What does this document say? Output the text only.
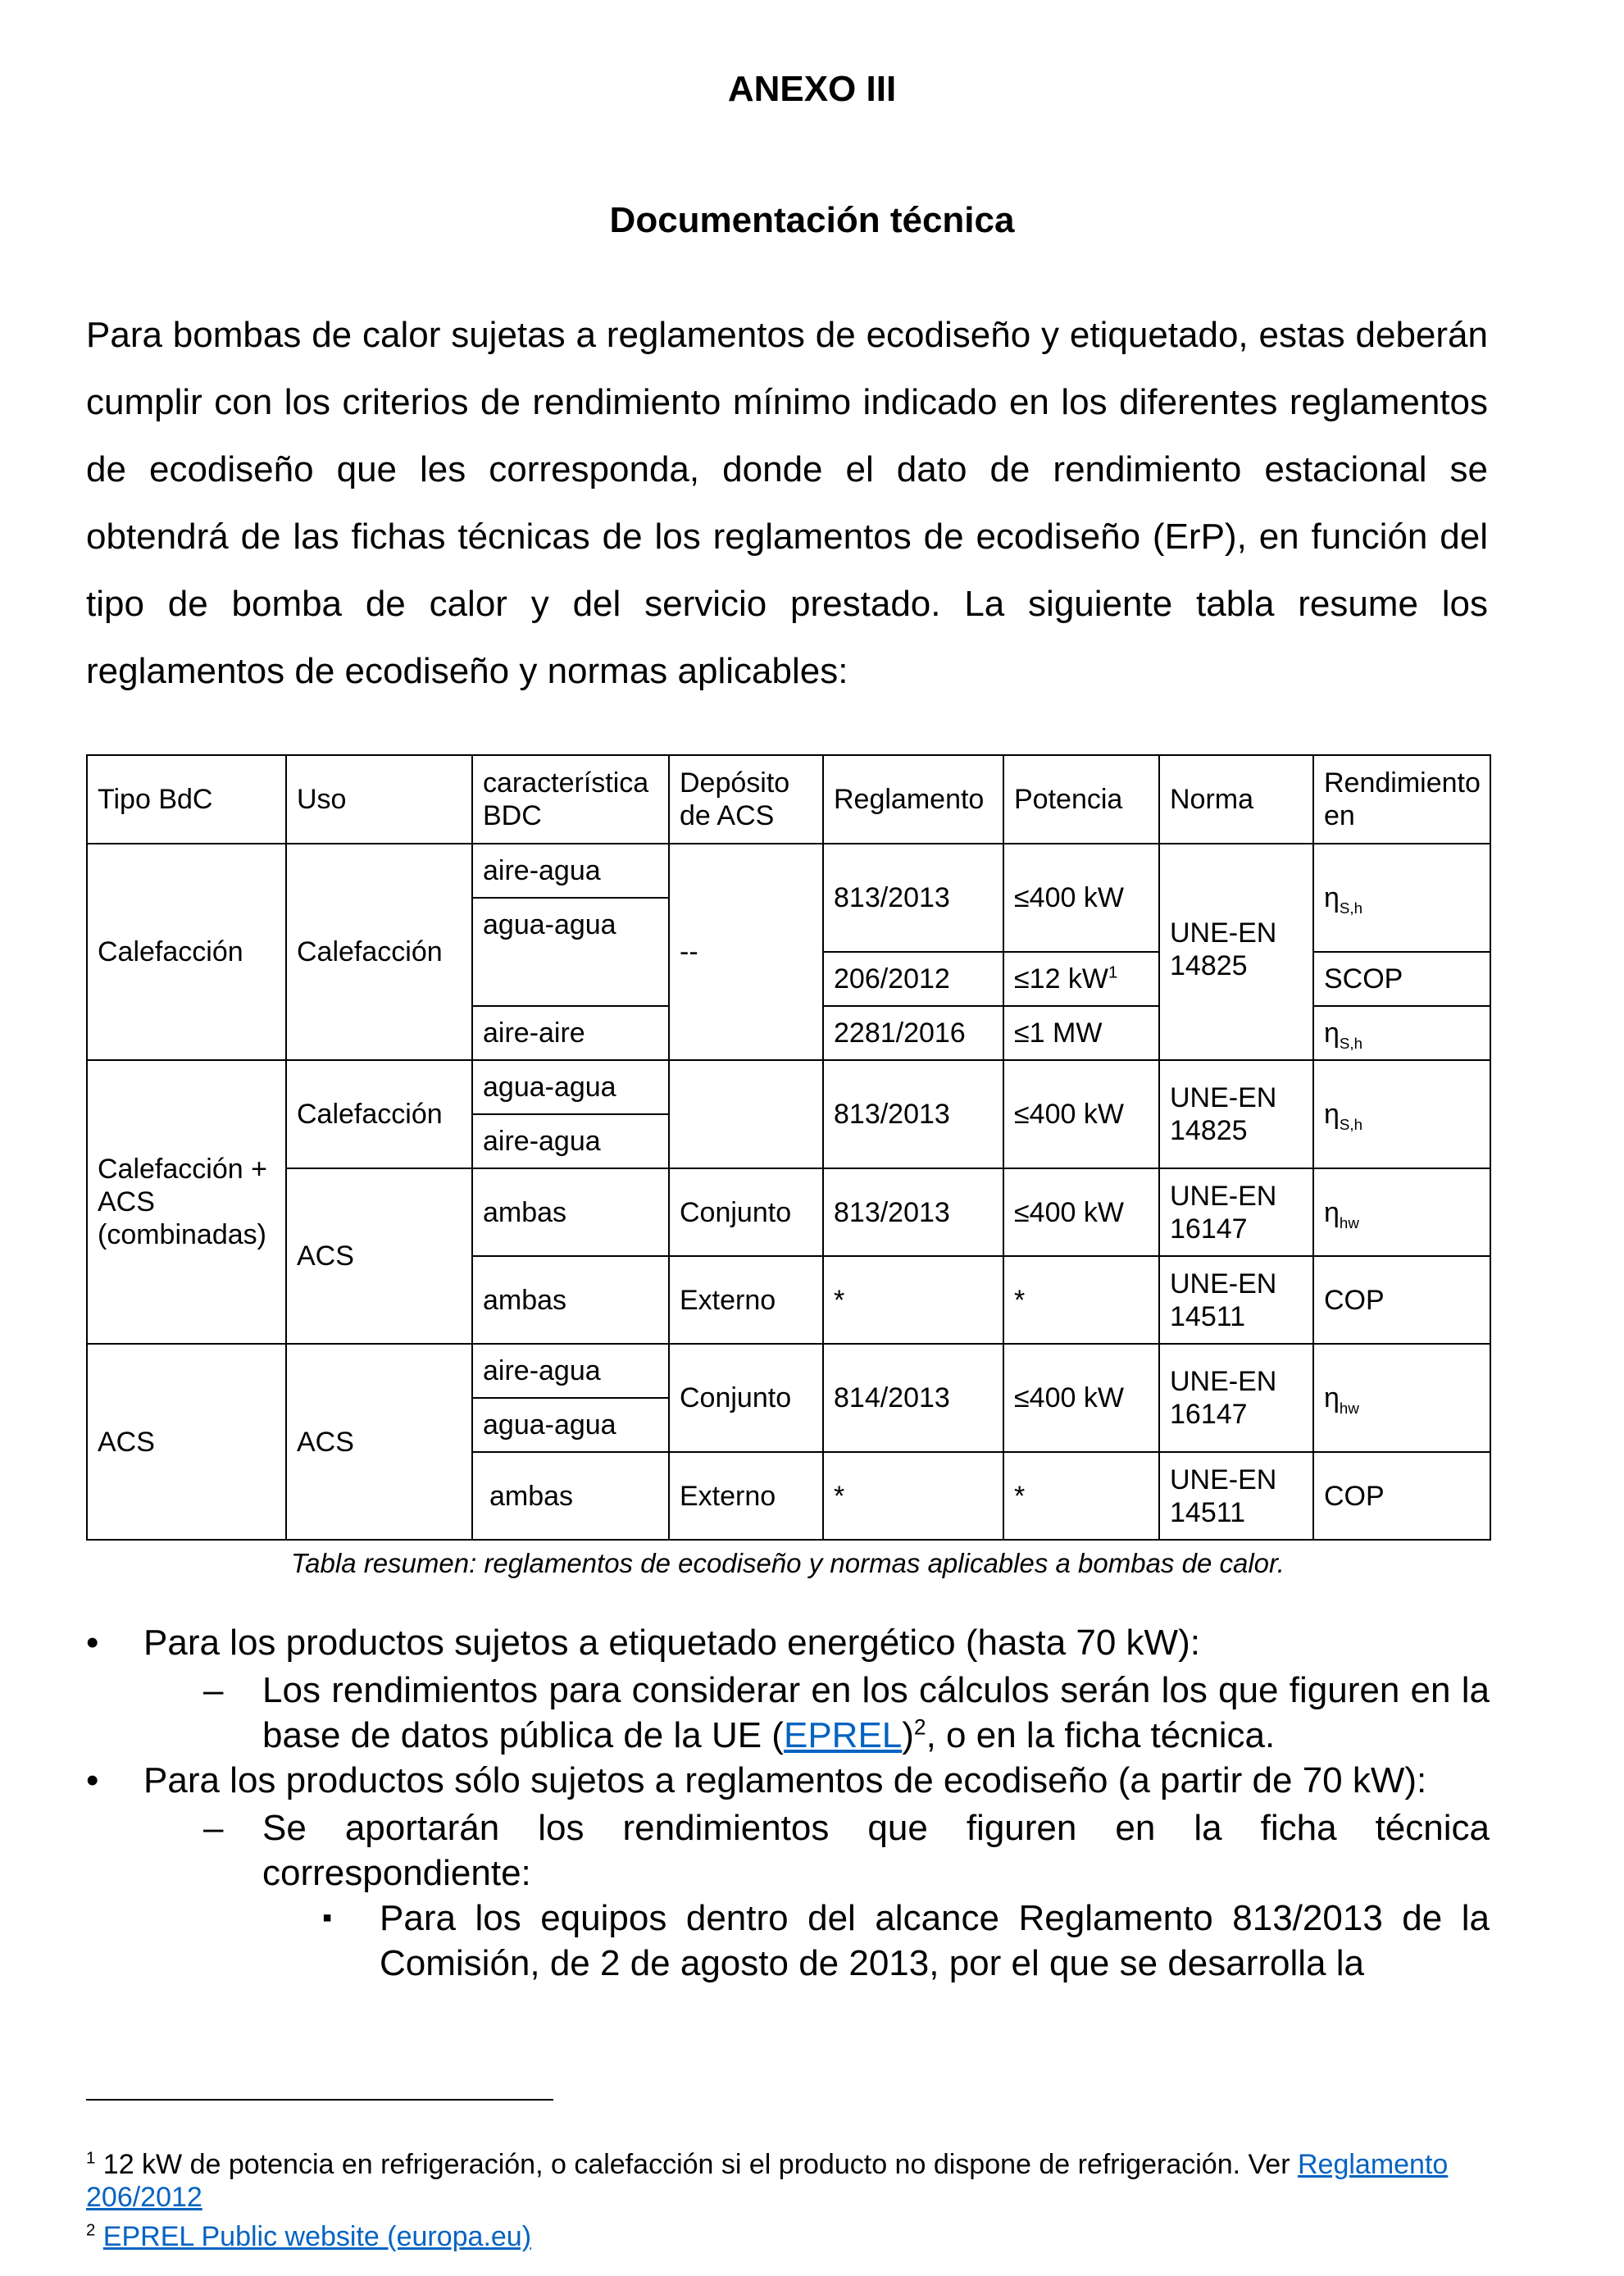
ANEXO III
Documentación técnica

Para bombas de calor sujetas a reglamentos de ecodiseño y etiquetado, estas deberán cumplir con los criterios de rendimiento mínimo indicado en los diferentes reglamentos de ecodiseño que les corresponda, donde el dato de rendimiento estacional se obtendrá de las fichas técnicas de los reglamentos de ecodiseño (ErP), en función del tipo de bomba de calor y del servicio prestado. La siguiente tabla resume los reglamentos de ecodiseño y normas aplicables:

Tipo BdC	Uso	característica BDC	Depósito de ACS	Reglamento	Potencia	Norma	Rendimiento en
Calefacción	Calefacción	aire-agua	--	813/2013	≤400 kW	UNE-EN 14825	$\eta_{S,h}$
		agua-agua					
				206/2012	≤12 $kW^1$		SCOP
		aire-aire		2281/2016	≤1 MW		$\eta_{S,h}$
Calefacción + ACS (combinadas)	Calefacción	agua-agua		813/2013	≤400 kW	UNE-EN 14825	$\eta_{S,h}$
		aire-agua					
	ACS	ambas	Conjunto	813/2013	≤400 kW	UNE-EN 16147	$\eta_{hw}$
		ambas	Externo	*	*	UNE-EN 14511	COP
ACS	ACS	aire-agua	Conjunto	814/2013	≤400 kW	UNE-EN 16147	$\eta_{hw}$
		agua-agua					
		ambas	Externo	*	*	UNE-EN 14511	COP
Tabla resumen: reglamentos de ecodiseño y normas aplicables a bombas de calor.
• Para los productos sujetos a etiquetado energético (hasta 70 kW):
– Los rendimientos para considerar en los cálculos serán los que figuren en la base de datos pública de la UE (EPREL)$^2$, o en la ficha técnica.
• Para los productos sólo sujetos a reglamentos de ecodiseño (a partir de 70 kW):
– Se aportarán los rendimientos que figuren en la ficha técnica correspondiente:
▪ Para los equipos dentro del alcance Reglamento 813/2013 de la Comisión, de 2 de agosto de 2013, por el que se desarrolla la
$^1$ 12 kW de potencia en refrigeración, o calefacción si el producto no dispone de refrigeración. Ver Reglamento 206/2012
$^2$ EPREL Public website (europa.eu)
